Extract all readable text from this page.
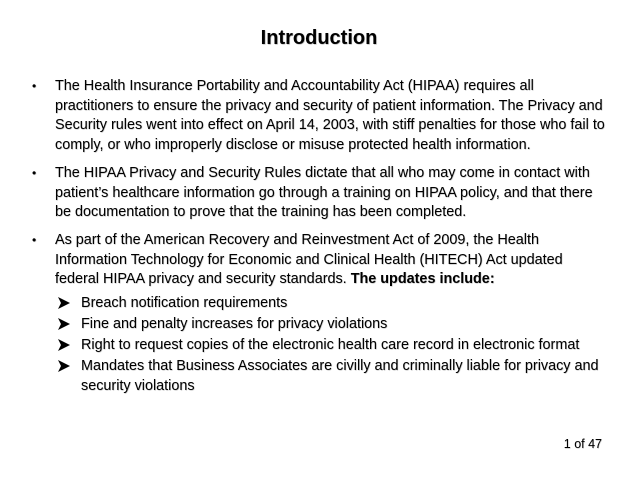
Introduction
• The Health Insurance Portability and Accountability Act (HIPAA) requires all practitioners to ensure the privacy and security of patient information. The Privacy and Security rules went into effect on April 14, 2003, with stiff penalties for those who fail to comply, or who improperly disclose or misuse protected health information.
• The HIPAA Privacy and Security Rules dictate that all who may come in contact with patient’s healthcare information go through a training on HIPAA policy, and that there be documentation to prove that the training has been completed.
• As part of the American Recovery and Reinvestment Act of 2009, the Health Information Technology for Economic and Clinical Health (HITECH) Act updated federal HIPAA privacy and security standards. The updates include:
Breach notification requirements
Fine and penalty increases for privacy violations
Right to request copies of the electronic health care record in electronic format
Mandates that Business Associates are civilly and criminally liable for privacy and security violations
1 of 47
